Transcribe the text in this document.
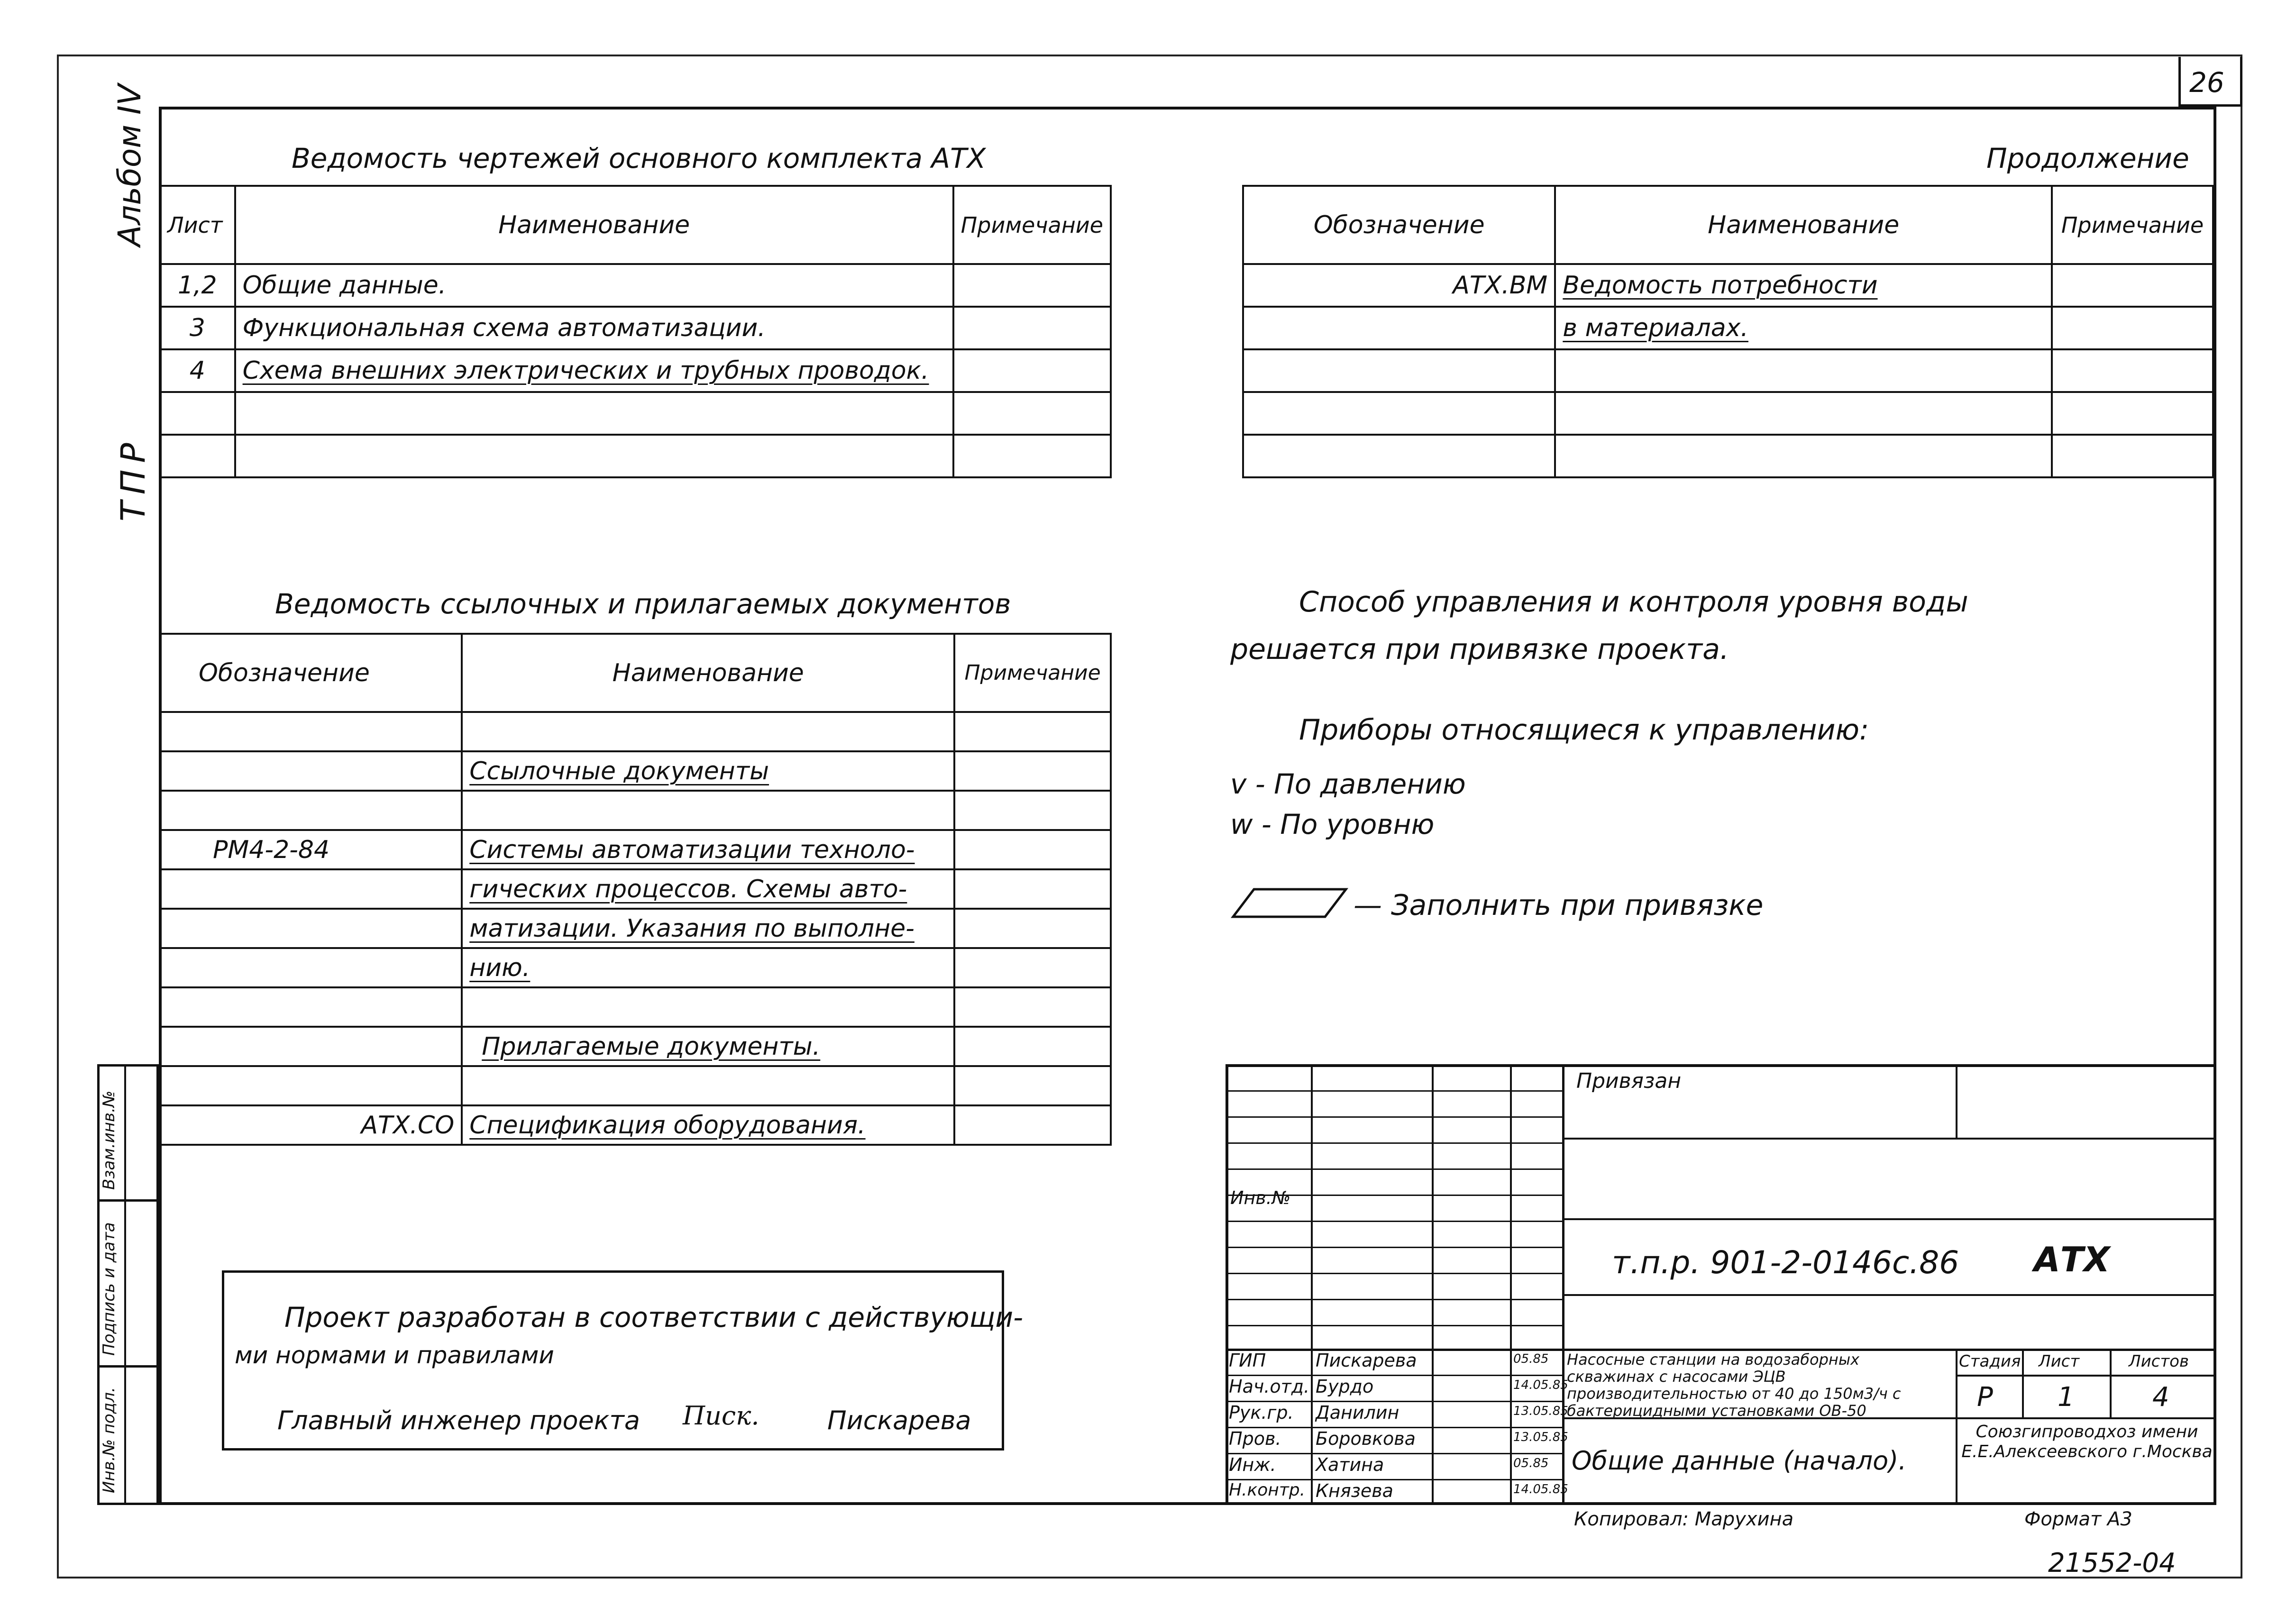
26
Альбом IV
ТПР
Взам.инв.№
Подпись и дата
Инв.№ подл.
Ведомость чертежей основного комплекта АТХ
Лист	Наименование	Примечание
1,2	Общие данные.	
3	Функциональная схема автоматизации.	
4	Схема внешних электрических и трубных проводок.	

Продолжение
Обозначение	Наименование	Примечание
АТХ.ВМ	Ведомость потребности	
	в материалах.	

Ведомость ссылочных и прилагаемых документов
Обозначение	Наименование	Примечание

	Ссылочные документы	

РМ4-2-84	Системы автоматизации техноло-	
	гических процессов. Схемы авто-	
	матизации. Указания по выполне-	
	нию.	

	Прилагаемые документы.	

АТХ.СО	Спецификация оборудования.	
Способ управления и контроля уровня воды
решается при привязке проекта.
Приборы относящиеся к управлению:
v - По давлению
w - По уровню
— Заполнить при привязке
Проект разработан в соответствии с действующи-
ми нормами и правилами
Главный инженер проекта Пиcк.	Пискарева
Инв.№
ГИП	Пискарева	05.85
Нач.отд. Бурдо	14.05.85
Рук.гр. Данилин	13.05.85
Пров. Боровкова	13.05.85
Инж. Хатина	05.85
Н.контр. Князева	14.05.85
Привязан
т.п.р. 901-2-0146с.86 АТХ
Насосные станции на водозаборных скважинах с насосами ЭЦВ производительностью от 40 до 150м3/ч с бактерицидными установками ОВ-50
Общие данные (начало).
Стадия Лист	Листов
Р 1	4
Союзгипроводхоз имени Е.Е.Алексеевского г.Москва
Копировал: Марухина	Формат А3
21552-04
